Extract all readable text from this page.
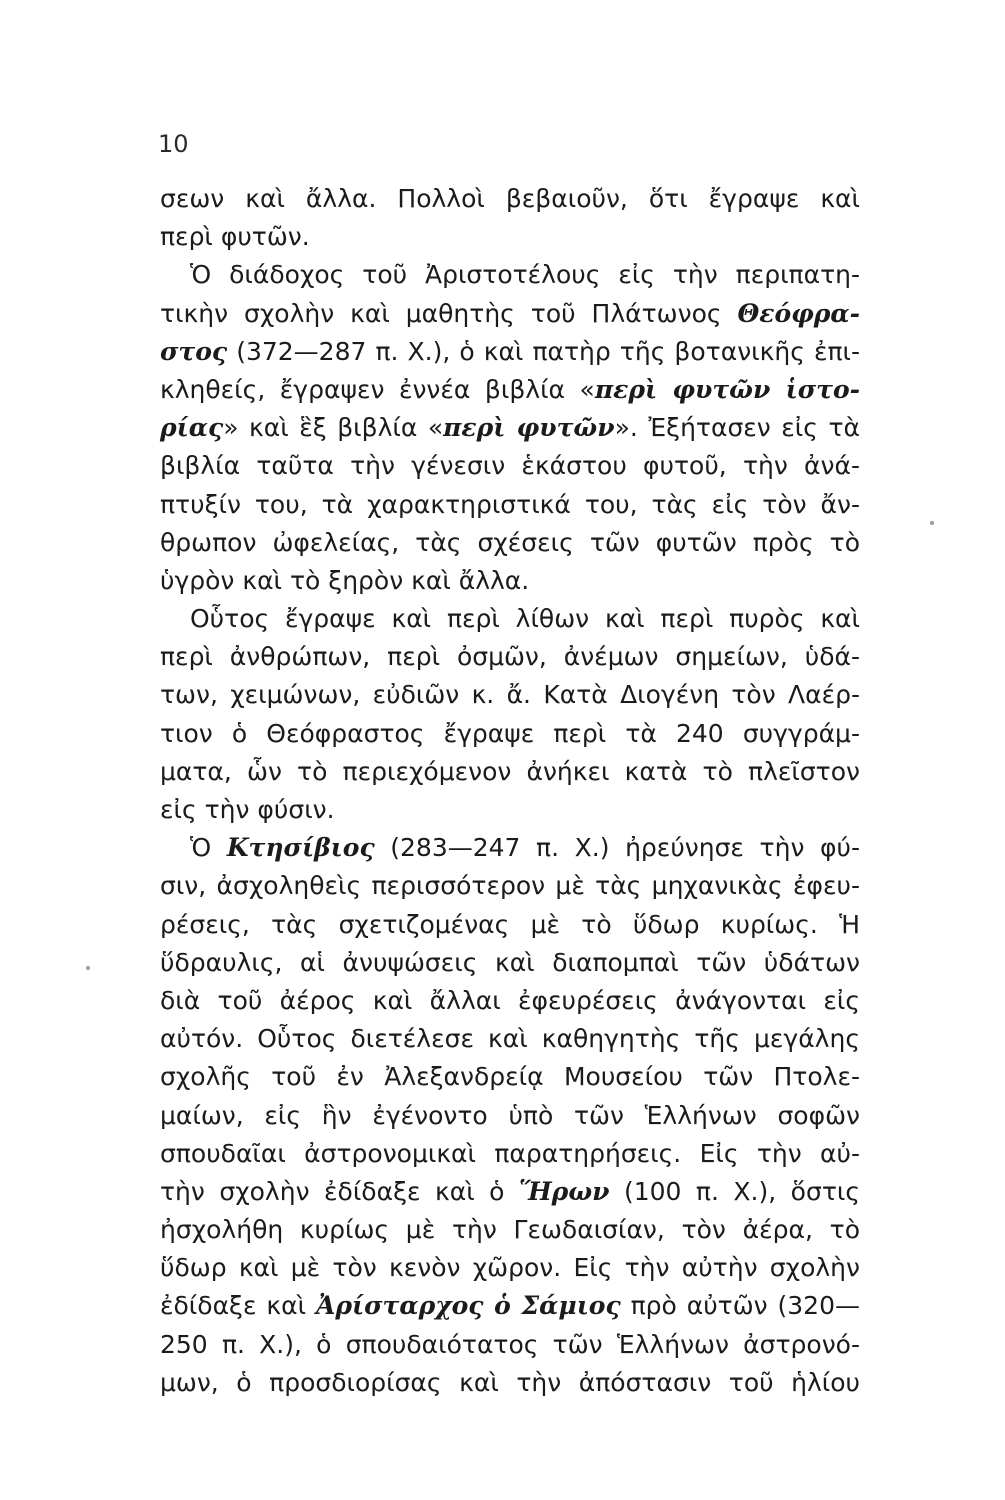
10
σεων καὶ ἄλλα. Πολλοὶ βεβαιοῦν, ὅτι ἔγραψε καὶ
περὶ φυτῶν.
Ὁ διάδοχος τοῦ Ἀριστοτέλους εἰς τὴν περιπατη-
τικὴν σχολὴν καὶ μαθητὴς τοῦ Πλάτωνος Θεόφρα-
στος (372—287 π. Χ.), ὁ καὶ πατὴρ τῆς βοτανικῆς ἐπι-
κληθείς, ἔγραψεν ἐννέα βιβλία «περὶ φυτῶν ἱστο-
ρίας» καὶ ἓξ βιβλία «περὶ φυτῶν». Ἐξήτασεν εἰς τὰ
βιβλία ταῦτα τὴν γένεσιν ἑκάστου φυτοῦ, τὴν ἀνά-
πτυξίν του, τὰ χαρακτηριστικά του, τὰς εἰς τὸν ἄν-
θρωπον ὠφελείας, τὰς σχέσεις τῶν φυτῶν πρὸς τὸ
ὑγρὸν καὶ τὸ ξηρὸν καὶ ἄλλα.
Οὗτος ἔγραψε καὶ περὶ λίθων καὶ περὶ πυρὸς καὶ
περὶ ἀνθρώπων, περὶ ὀσμῶν, ἀνέμων σημείων, ὑδά-
των, χειμώνων, εὐδιῶν κ. ἄ. Κατὰ Διογένη τὸν Λαέρ-
τιον ὁ Θεόφραστος ἔγραψε περὶ τὰ 240 συγγράμ-
ματα, ὧν τὸ περιεχόμενον ἀνήκει κατὰ τὸ πλεῖστον
εἰς τὴν φύσιν.
Ὁ Κτησίβιος (283—247 π. Χ.) ἠρεύνησε τὴν φύ-
σιν, ἀσχοληθεὶς περισσότερον μὲ τὰς μηχανικὰς ἐφευ-
ρέσεις, τὰς σχετιζομένας μὲ τὸ ὕδωρ κυρίως. Ἡ
ὕδραυλις, αἱ ἀνυψώσεις καὶ διαπομπαὶ τῶν ὑδάτων
διὰ τοῦ ἀέρος καὶ ἄλλαι ἐφευρέσεις ἀνάγονται εἰς
αὐτόν. Οὗτος διετέλεσε καὶ καθηγητὴς τῆς μεγάλης
σχολῆς τοῦ ἐν Ἀλεξανδρείᾳ Μουσείου τῶν Πτολε-
μαίων, εἰς ἣν ἐγένοντο ὑπὸ τῶν Ἑλλήνων σοφῶν
σπουδαῖαι ἀστρονομικαὶ παρατηρήσεις. Εἰς τὴν αὐ-
τὴν σχολὴν ἐδίδαξε καὶ ὁ Ἥρων (100 π. Χ.), ὅστις
ἠσχολήθη κυρίως μὲ τὴν Γεωδαισίαν, τὸν ἀέρα, τὸ
ὕδωρ καὶ μὲ τὸν κενὸν χῶρον. Εἰς τὴν αὐτὴν σχολὴν
ἐδίδαξε καὶ Ἀρίσταρχος ὁ Σάμιος πρὸ αὐτῶν (320—
250 π. Χ.), ὁ σπουδαιότατος τῶν Ἑλλήνων ἀστρονό-
μων, ὁ προσδιορίσας καὶ τὴν ἀπόστασιν τοῦ ἡλίου
